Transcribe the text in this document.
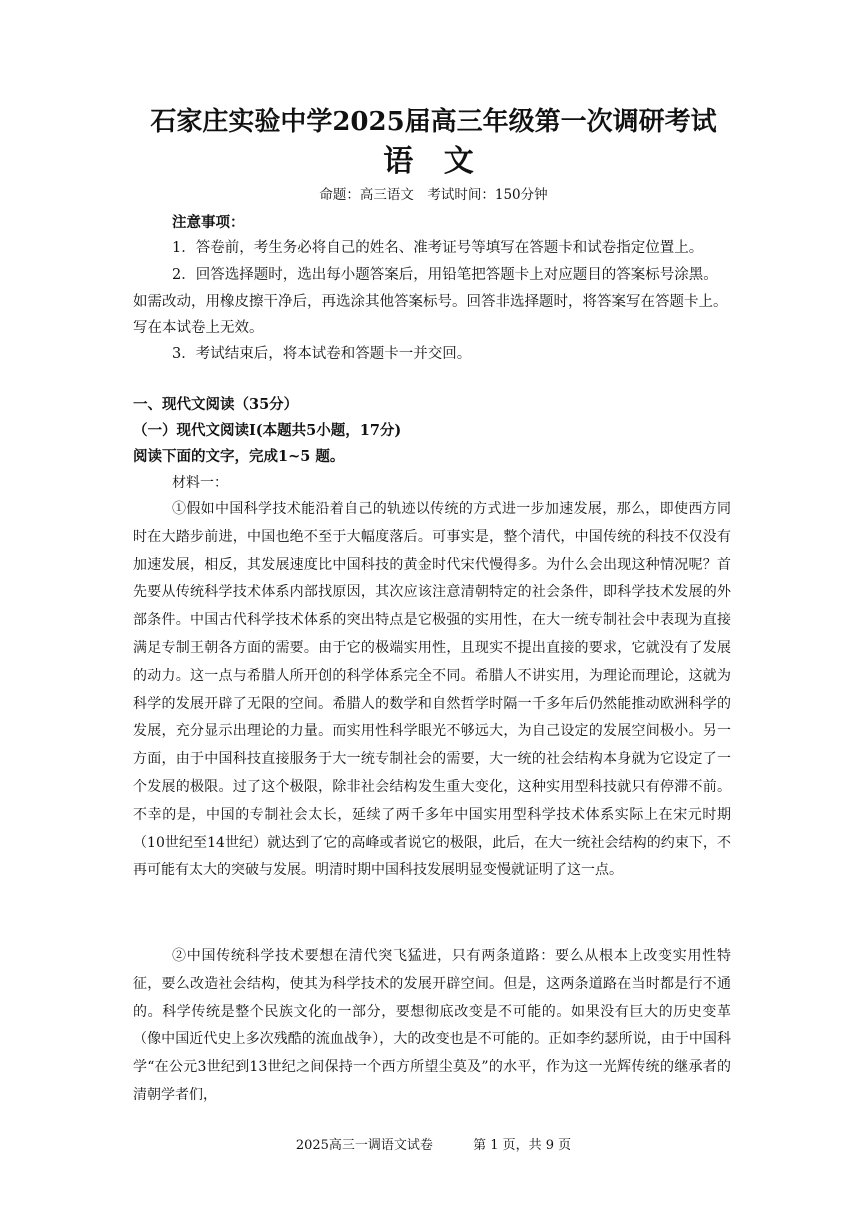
石家庄实验中学2025届高三年级第一次调研考试
语 文
命题：高三语文　考试时间：150分钟
注意事项：
1．答卷前，考生务必将自己的姓名、准考证号等填写在答题卡和试卷指定位置上。
2．回答选择题时，选出每小题答案后，用铅笔把答题卡上对应题目的答案标号涂黑。如需改动，用橡皮擦干净后，再选涂其他答案标号。回答非选择题时，将答案写在答题卡上。写在本试卷上无效。
3．考试结束后，将本试卷和答题卡一并交回。
一、现代文阅读（35分）
（一）现代文阅读I(本题共5小题，17分)
阅读下面的文字，完成1~5 题。
材料一：
①假如中国科学技术能沿着自己的轨迹以传统的方式进一步加速发展，那么，即使西方同时在大踏步前进，中国也绝不至于大幅度落后。可事实是，整个清代，中国传统的科技不仅没有加速发展，相反，其发展速度比中国科技的黄金时代宋代慢得多。为什么会出现这种情况呢？首先要从传统科学技术体系内部找原因，其次应该注意清朝特定的社会条件，即科学技术发展的外部条件。中国古代科学技术体系的突出特点是它极强的实用性，在大一统专制社会中表现为直接满足专制王朝各方面的需要。由于它的极端实用性，且现实不提出直接的要求，它就没有了发展的动力。这一点与希腊人所开创的科学体系完全不同。希腊人不讲实用，为理论而理论，这就为科学的发展开辟了无限的空间。希腊人的数学和自然哲学时隔一千多年后仍然能推动欧洲科学的发展，充分显示出理论的力量。而实用性科学眼光不够远大，为自己设定的发展空间极小。另一方面，由于中国科技直接服务于大一统专制社会的需要，大一统的社会结构本身就为它设定了一个发展的极限。过了这个极限，除非社会结构发生重大变化，这种实用型科技就只有停滞不前。不幸的是，中国的专制社会太长，延续了两千多年中国实用型科学技术体系实际上在宋元时期（10世纪至14世纪）就达到了它的高峰或者说它的极限，此后，在大一统社会结构的约束下，不再可能有太大的突破与发展。明清时期中国科技发展明显变慢就证明了这一点。
②中国传统科学技术要想在清代突飞猛进，只有两条道路：要么从根本上改变实用性特征，要么改造社会结构，使其为科学技术的发展开辟空间。但是，这两条道路在当时都是行不通的。科学传统是整个民族文化的一部分，要想彻底改变是不可能的。如果没有巨大的历史变革（像中国近代史上多次残酷的流血战争），大的改变也是不可能的。正如李约瑟所说，由于中国科学“在公元3世纪到13世纪之间保持一个西方所望尘莫及”的水平，作为这一光辉传统的继承者的清朝学者们，
2025高三一调语文试卷	第 1 页，共 9 页
